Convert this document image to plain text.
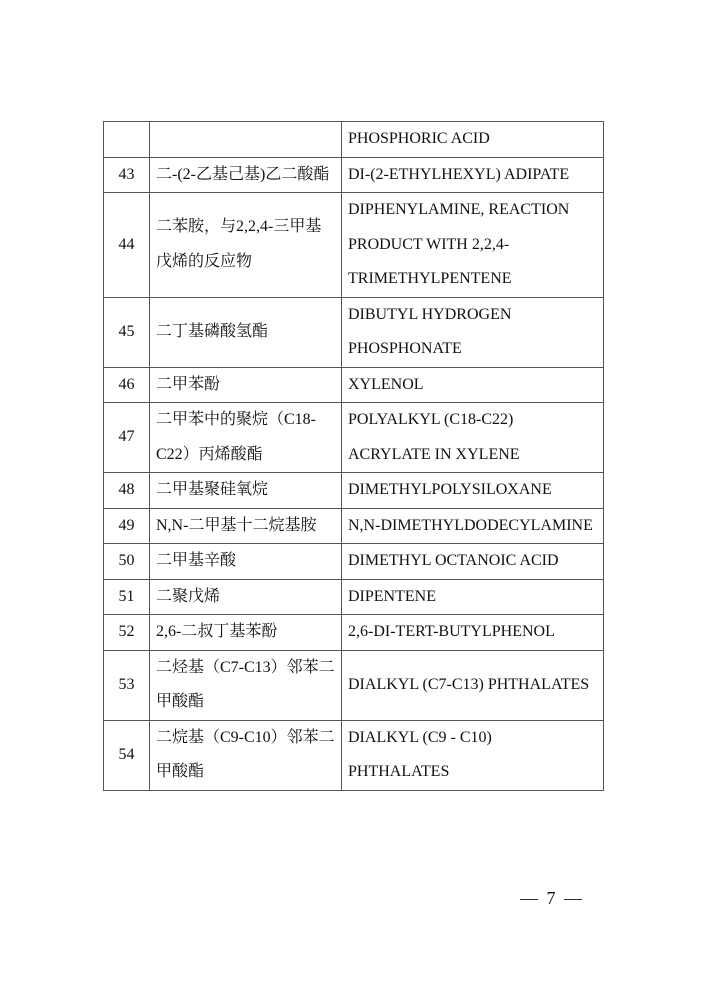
		PHOSPHORIC ACID
43	二-(2-乙基己基)乙二酸酯	DI-(2-ETHYLHEXYL) ADIPATE
44	二苯胺，与2,2,4-三甲基戊烯的反应物	DIPHENYLAMINE, REACTION PRODUCT WITH 2,2,4-TRIMETHYLPENTENE
45	二丁基磷酸氢酯	DIBUTYL HYDROGEN PHOSPHONATE
46	二甲苯酚	XYLENOL
47	二甲苯中的聚烷（C18-C22）丙烯酸酯	POLYALKYL (C18-C22) ACRYLATE IN XYLENE
48	二甲基聚硅氧烷	DIMETHYLPOLYSILOXANE
49	N,N-二甲基十二烷基胺	N,N-DIMETHYLDODECYLAMINE
50	二甲基辛酸	DIMETHYL OCTANOIC ACID
51	二聚戊烯	DIPENTENE
52	2,6-二叔丁基苯酚	2,6-DI-TERT-BUTYLPHENOL
53	二烃基（C7-C13）邻苯二甲酸酯	DIALKYL (C7-C13) PHTHALATES
54	二烷基（C9-C10）邻苯二甲酸酯	DIALKYL (C9 - C10) PHTHALATES
— 7 —
